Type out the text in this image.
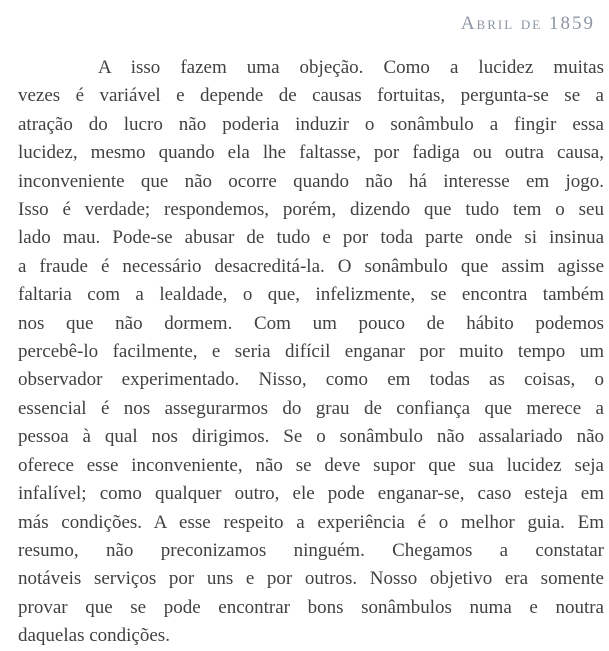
Abril de 1859
A isso fazem uma objeção. Como a lucidez muitas
vezes é variável e depende de causas fortuitas, pergunta-se se a
atração do lucro não poderia induzir o sonâmbulo a fingir essa
lucidez, mesmo quando ela lhe faltasse, por fadiga ou outra causa,
inconveniente que não ocorre quando não há interesse em jogo.
Isso é verdade; respondemos, porém, dizendo que tudo tem o seu
lado mau. Pode-se abusar de tudo e por toda parte onde si insinua
a fraude é necessário desacreditá-la. O sonâmbulo que assim agisse
faltaria com a lealdade, o que, infelizmente, se encontra também
nos que não dormem. Com um pouco de hábito podemos
percebê-lo facilmente, e seria difícil enganar por muito tempo um
observador experimentado. Nisso, como em todas as coisas, o
essencial é nos assegurarmos do grau de confiança que merece a
pessoa à qual nos dirigimos. Se o sonâmbulo não assalariado não
oferece esse inconveniente, não se deve supor que sua lucidez seja
infalível; como qualquer outro, ele pode enganar-se, caso esteja em
más condições. A esse respeito a experiência é o melhor guia. Em
resumo, não preconizamos ninguém. Chegamos a constatar
notáveis serviços por uns e por outros. Nosso objetivo era somente
provar que se pode encontrar bons sonâmbulos numa e noutra
daquelas condições.
